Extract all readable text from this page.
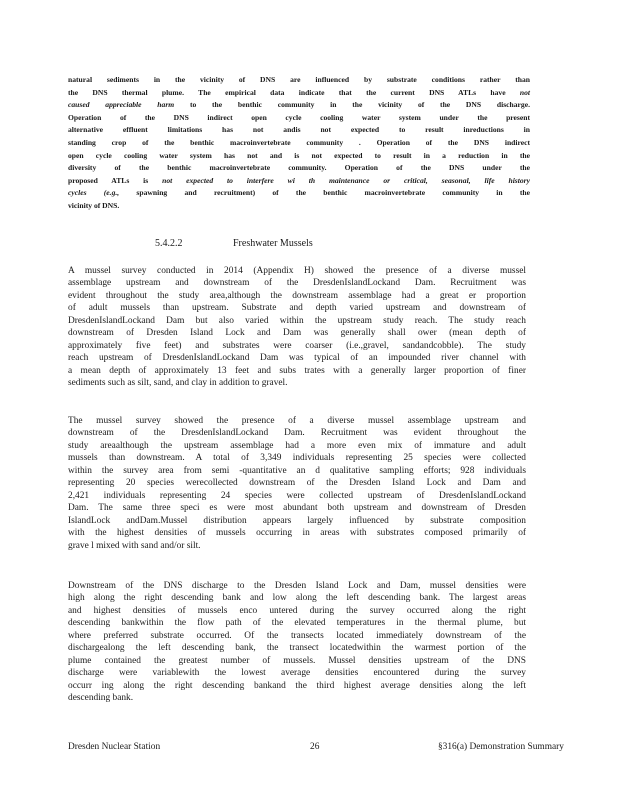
natural sediments in the vicinity of DNS are influenced by substrate conditions rather than
the DNS thermal plume. The empirical data indicate that the current DNS ATLs have not
caused appreciable harm to the benthic community in the vicinity of the DNS discharge.
Operation of the DNS indirect open cycle cooling water system under the present
alternative effluent limitations has not andis not expected to result inreductions in
standing crop of the benthic macroinvertebrate community . Operation of the DNS indirect
open cycle cooling water system has not and is not expected to result in a reduction in the
diversity of the benthic macroinvertebrate community. Operation of the DNS under the
proposed ATLs is not expected to interfere wi th maintenance or critical, seasonal, life history
cycles (e.g., spawning and recruitment) of the benthic macroinvertebrate community in the
vicinity of DNS.
5.4.2.2	Freshwater Mussels
A mussel survey conducted in 2014 (Appendix H) showed the presence of a diverse mussel
assemblage upstream and downstream of the DresdenIslandLockand Dam. Recruitment was
evident throughout the study area,although the downstream assemblage had a great er proportion
of adult mussels than upstream. Substrate and depth varied upstream and downstream of
DresdenIslandLockand Dam but also varied within the upstream study reach. The study reach
downstream of Dresden Island Lock and Dam was generally shall ower (mean depth of
approximately five feet) and substrates were coarser (i.e.,gravel, sandandcobble). The study
reach upstream of DresdenIslandLockand Dam was typical of an impounded river channel with
a mean depth of approximately 13 feet and subs trates with a generally larger proportion of finer
sediments such as silt, sand, and clay in addition to gravel.
The mussel survey showed the presence of a diverse mussel assemblage upstream and
downstream of the DresdenIslandLockand Dam. Recruitment was evident throughout the
study areaalthough the upstream assemblage had a more even mix of immature and adult
mussels than downstream. A total of 3,349 individuals representing 25 species were collected
within the survey area from semi -quantitative an d qualitative sampling efforts; 928 individuals
representing 20 species werecollected downstream of the Dresden Island Lock and Dam and
2,421 individuals representing 24 species were collected upstream of DresdenIslandLockand
Dam. The same three speci es were most abundant both upstream and downstream of Dresden
IslandLock andDam.Mussel distribution appears largely influenced by substrate composition
with the highest densities of mussels occurring in areas with substrates composed primarily of
grave l mixed with sand and/or silt.
Downstream of the DNS discharge to the Dresden Island Lock and Dam, mussel densities were
high along the right descending bank and low along the left descending bank. The largest areas
and highest densities of mussels enco untered during the survey occurred along the right
descending bankwithin the flow path of the elevated temperatures in the thermal plume, but
where preferred substrate occurred. Of the transects located immediately downstream of the
dischargealong the left descending bank, the transect locatedwithin the warmest portion of the
plume contained the greatest number of mussels. Mussel densities upstream of the DNS
discharge were variablewith the lowest average densities encountered during the survey
occurr ing along the right descending bankand the third highest average densities along the left
descending bank.
Dresden Nuclear Station	26	§316(a) Demonstration Summary
